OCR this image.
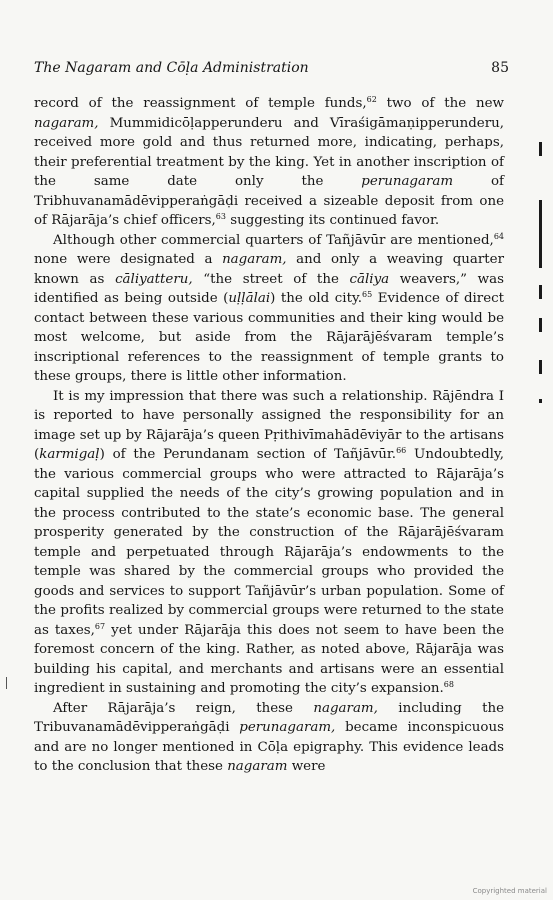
The Nagaram and Cōḷa Administration	85

record of the reassignment of temple funds,$^{62}$ two of the new nagaram, Mummidicōḷapperunderu and Vīraśigāmaṇipperunderu, received more gold and thus returned more, indicating, perhaps, their preferential treatment by the king. Yet in another inscription of the same date only the perunagaram of Tribhuvanamādēvipperaṅgāḍi received a sizeable deposit from one of Rājarāja’s chief officers,$^{63}$ suggesting its continued favor.

Although other commercial quarters of Tañjāvūr are mentioned,$^{64}$ none were designated a nagaram, and only a weaving quarter known as cāliyatteru, “the street of the cāliya weavers,” was identified as being outside (uḷḷālai) the old city.$^{65}$ Evidence of direct contact between these various communities and their king would be most welcome, but aside from the Rājarājēśvaram temple’s inscriptional references to the reassignment of temple grants to these groups, there is little other information.

It is my impression that there was such a relationship. Rājēndra I is reported to have personally assigned the responsibility for an image set up by Rājarāja’s queen Pṛithivīmahādēviyār to the artisans (karmigaḷ) of the Perundanam section of Tañjāvūr.$^{66}$ Undoubtedly, the various commercial groups who were attracted to Rājarāja’s capital supplied the needs of the city’s growing population and in the process contributed to the state’s economic base. The general prosperity generated by the construction of the Rājarājēśvaram temple and perpetuated through Rājarāja’s endowments to the temple was shared by the commercial groups who provided the goods and services to support Tañjāvūr’s urban population. Some of the profits realized by commercial groups were returned to the state as taxes,$^{67}$ yet under Rājarāja this does not seem to have been the foremost concern of the king. Rather, as noted above, Rājarāja was building his capital, and merchants and artisans were an essential ingredient in sustaining and promoting the city’s expansion.$^{68}$

After Rājarāja’s reign, these nagaram, including the Tribuvanamādēvipperaṅgāḍi perunagaram, became inconspicuous and are no longer mentioned in Cōḷa epigraphy. This evidence leads to the conclusion that these nagaram were

Copyrighted material
